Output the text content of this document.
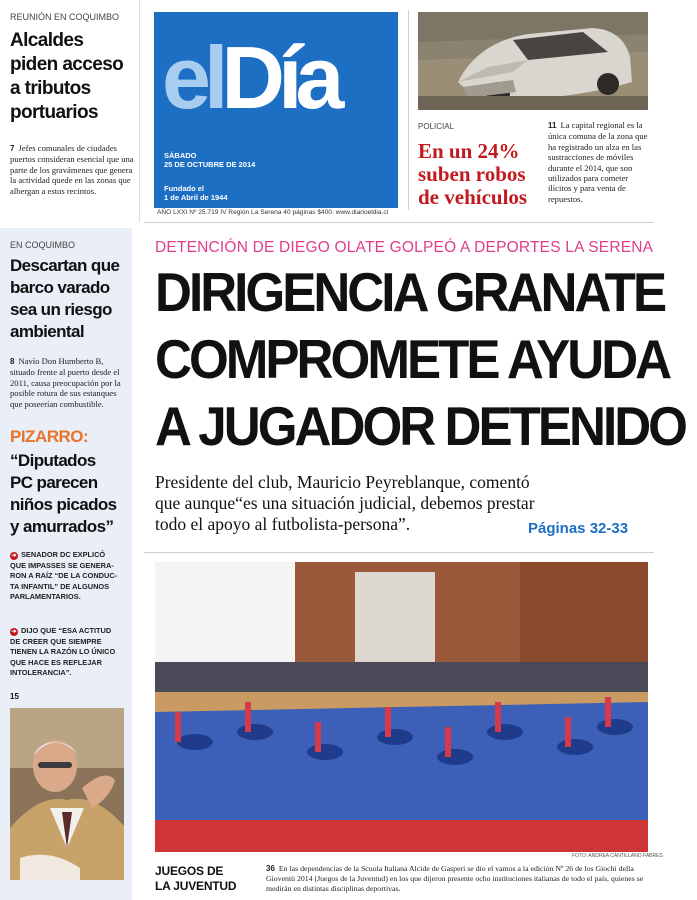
REUNIÓN EN COQUIMBO
Alcaldes
piden acceso
a tributos
portuarios
7 Jefes comunales de ciudades puertos consideran esencial que una parte de los gravámenes que genera la actividad quede en las zonas que albergan a estos recintos.
elDía
SÁBADO
25 DE OCTUBRE DE 2014
Fundado el
1 de Abril de 1944
AÑO LXXI Nº 25.719 IV Región La Serena 40 páginas $400. www.diarioeldia.cl
POLICIAL
En un 24%
suben robos
de vehículos
11 La capital regional es la única comuna de la zona que ha registrado un alza en las sustracciones de móviles durante el 2014, que son utilizados para cometer ilícitos y para venta de repuestos.
EN COQUIMBO
Descartan que
barco varado
sea un riesgo
ambiental
8 Navío Don Humberto B, situado frente al puerto desde el 2011, causa preocupación por la posible rotura de sus estanques que poseerían combustible.
PIZARRO:
“Diputados
PC parecen
niños picados
y amurrados”
➔ SENADOR DC EXPLICÓ
QUE IMPASSES SE GENERA-
RON A RAÍZ “DE LA CONDUC-
TA INFANTIL” DE ALGUNOS
PARLAMENTARIOS.
➔ DIJO QUE “ESA ACTITUD
DE CREER QUE SIEMPRE
TIENEN LA RAZÓN LO ÚNICO
QUE HACE ES REFLEJAR
INTOLERANCIA”.
15
DETENCIÓN DE DIEGO OLATE GOLPEÓ A DEPORTES LA SERENA
DIRIGENCIA GRANATE
COMPROMETE AYUDA
A JUGADOR DETENIDO
Presidente del club, Mauricio Peyreblanque, comentó
que aunque“es una situación judicial, debemos prestar
todo el apoyo al futbolista-persona”.	Páginas 32-33
FOTO: ANDREA CANTILLANO FABRES
JUEGOS DE
LA JUVENTUD
36 En las dependencias de la Scuola Italiana Alcide de Gasperi se dio el vamos a la edición Nº 26 de los Giochi della Gioventù 2014 (Juegos de la Juventud) en los que dijeron presente ocho instituciones italianas de todo el país, quienes se medirán en distintas disciplinas deportivas.
